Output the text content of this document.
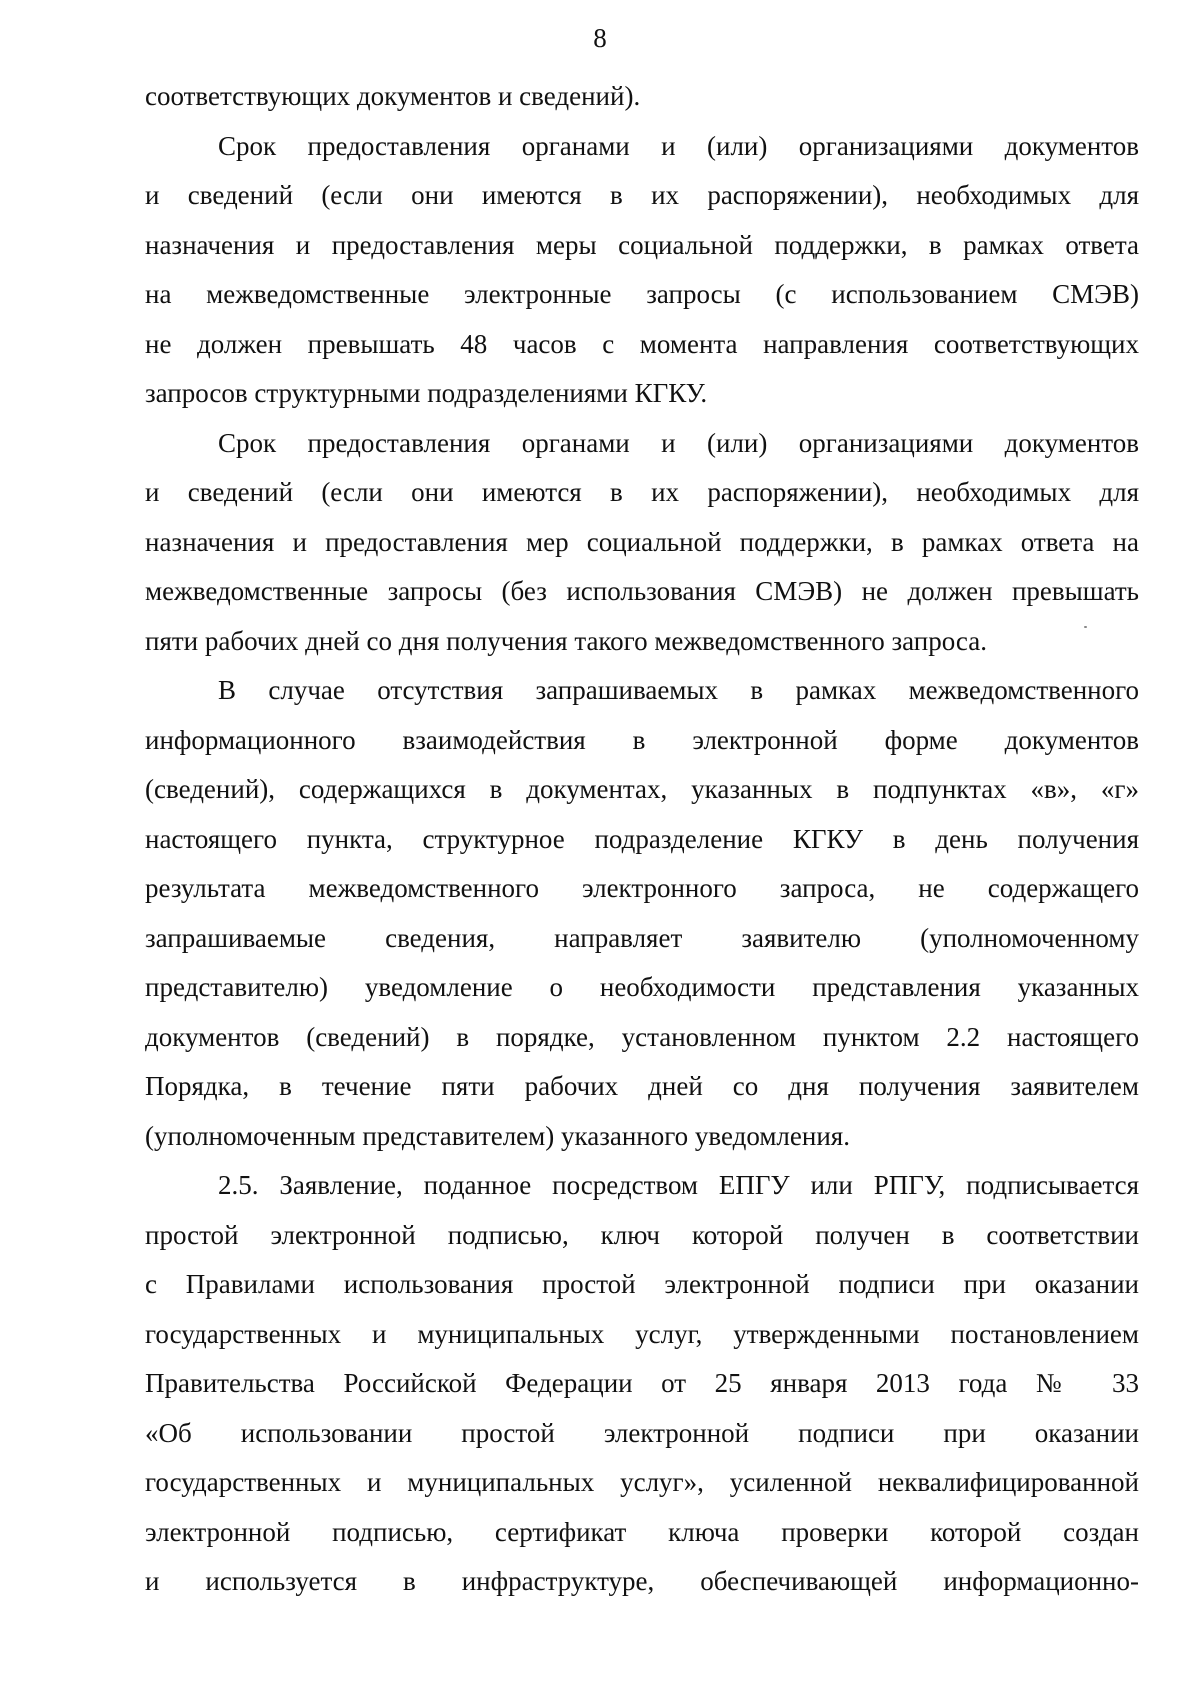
8
соответствующих документов и сведений).
Срок предоставления органами и (или) организациями документов
и сведений (если они имеются в их распоряжении), необходимых для
назначения и предоставления меры социальной поддержки, в рамках ответа
на межведомственные электронные запросы (с использованием СМЭВ)
не должен превышать 48 часов с момента направления соответствующих
запросов структурными подразделениями КГКУ.
Срок предоставления органами и (или) организациями документов
и сведений (если они имеются в их распоряжении), необходимых для
назначения и предоставления мер социальной поддержки, в рамках ответа на
межведомственные запросы (без использования СМЭВ) не должен превышать
пяти рабочих дней со дня получения такого межведомственного запроса.
В случае отсутствия запрашиваемых в рамках межведомственного
информационного взаимодействия в электронной форме документов
(сведений), содержащихся в документах, указанных в подпунктах «в», «г»
настоящего пункта, структурное подразделение КГКУ в день получения
результата межведомственного электронного запроса, не содержащего
запрашиваемые сведения, направляет заявителю (уполномоченному
представителю) уведомление о необходимости представления указанных
документов (сведений) в порядке, установленном пунктом 2.2 настоящего
Порядка, в течение пяти рабочих дней со дня получения заявителем
(уполномоченным представителем) указанного уведомления.
2.5. Заявление, поданное посредством ЕПГУ или РПГУ, подписывается
простой электронной подписью, ключ которой получен в соответствии
с Правилами использования простой электронной подписи при оказании
государственных и муниципальных услуг, утвержденными постановлением
Правительства Российской Федерации от 25 января 2013 года № 33
«Об использовании простой электронной подписи при оказании
государственных и муниципальных услуг», усиленной неквалифицированной
электронной подписью, сертификат ключа проверки которой создан
и используется в инфраструктуре, обеспечивающей информационно-
